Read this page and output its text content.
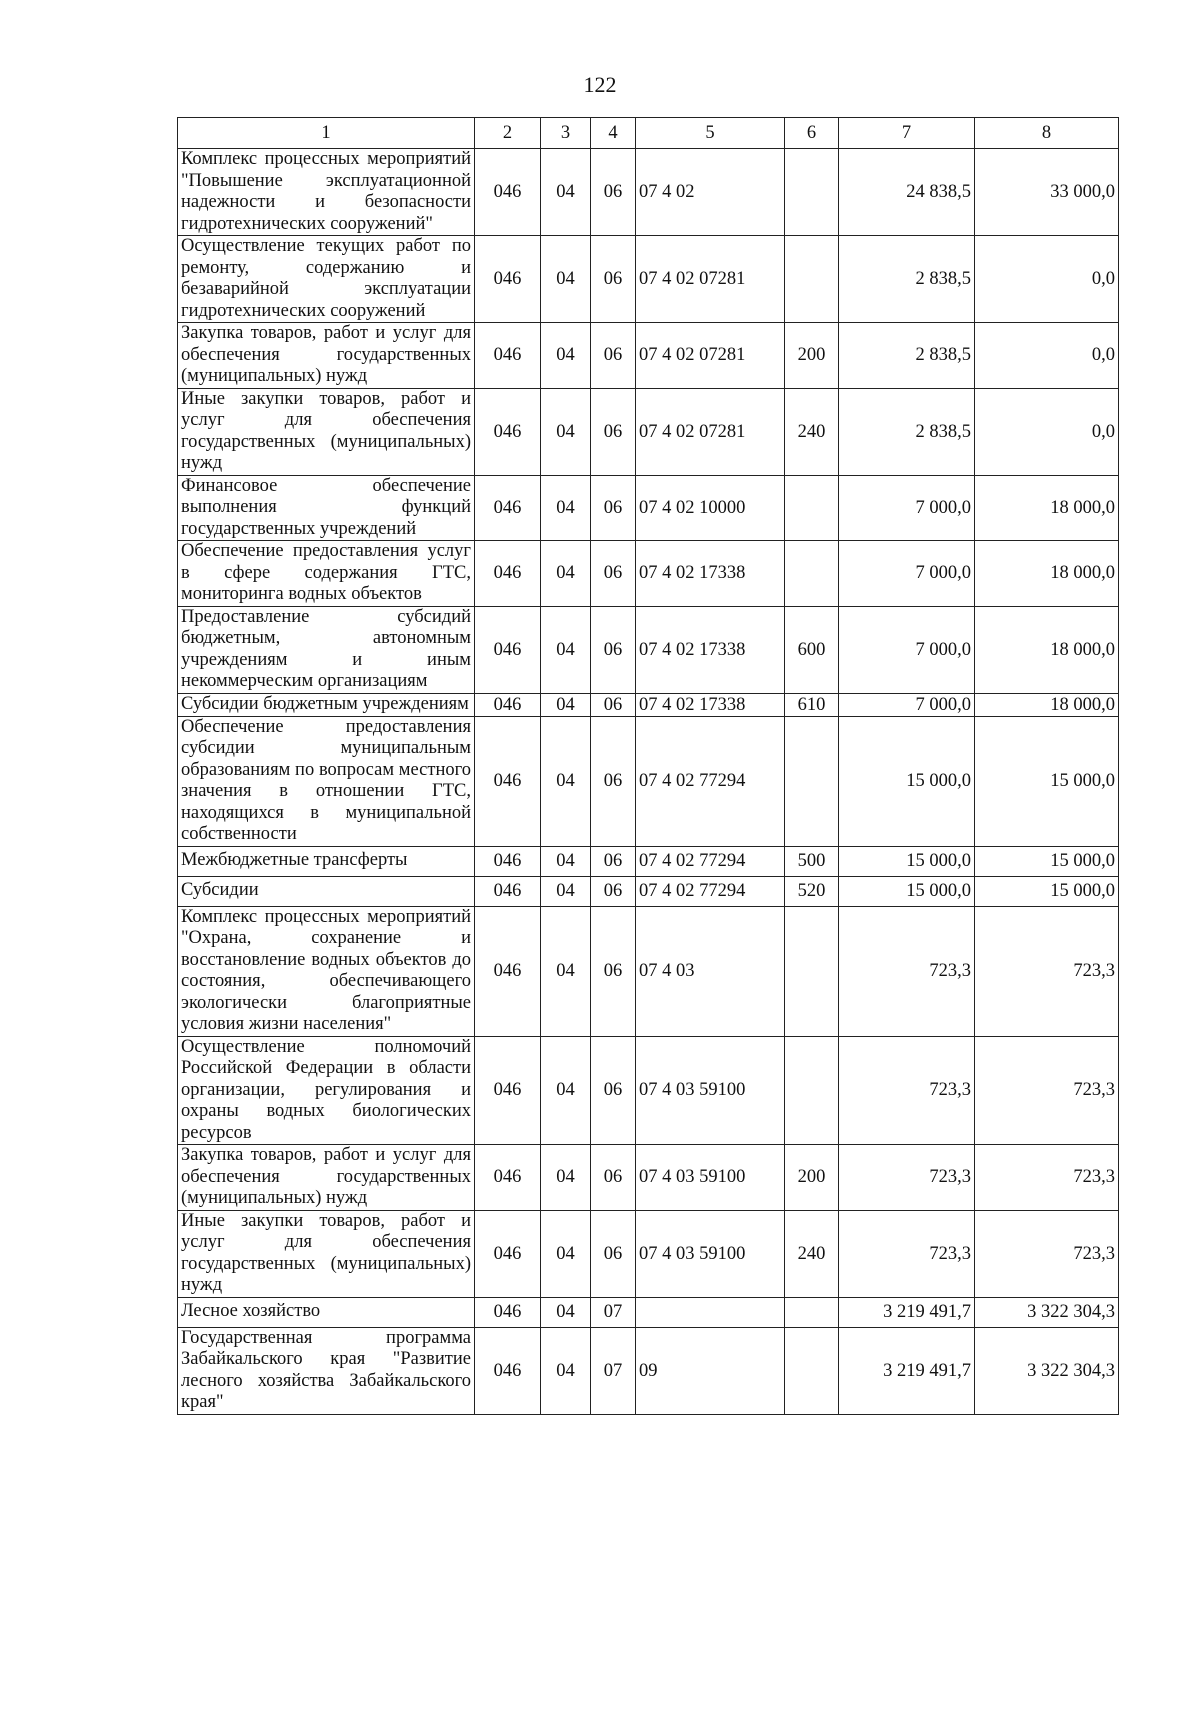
122
1	2	3	4	5	6	7	8
Комплекс процессных мероприятий "Повышение эксплуатационной надежности и безопасности гидротехнических сооружений"	046	04	06	07 4 02		24 838,5	33 000,0
Осуществление текущих работ по ремонту, содержанию и безаварийной эксплуатации гидротехнических сооружений	046	04	06	07 4 02 07281		2 838,5	0,0
Закупка товаров, работ и услуг для обеспечения государственных (муниципальных) нужд	046	04	06	07 4 02 07281	200	2 838,5	0,0
Иные закупки товаров, работ и услуг для обеспечения государственных (муниципальных) нужд	046	04	06	07 4 02 07281	240	2 838,5	0,0
Финансовое обеспечение выполнения функций государственных учреждений	046	04	06	07 4 02 10000		7 000,0	18 000,0
Обеспечение предоставления услуг в сфере содержания ГТС, мониторинга водных объектов	046	04	06	07 4 02 17338		7 000,0	18 000,0
Предоставление субсидий бюджетным, автономным учреждениям и иным некоммерческим организациям	046	04	06	07 4 02 17338	600	7 000,0	18 000,0
Субсидии бюджетным учреждениям	046	04	06	07 4 02 17338	610	7 000,0	18 000,0
Обеспечение предоставления субсидии муниципальным образованиям по вопросам местного значения в отношении ГТС, находящихся в муниципальной собственности	046	04	06	07 4 02 77294		15 000,0	15 000,0
Межбюджетные трансферты	046	04	06	07 4 02 77294	500	15 000,0	15 000,0
Субсидии	046	04	06	07 4 02 77294	520	15 000,0	15 000,0
Комплекс процессных мероприятий "Охрана, сохранение и восстановление водных объектов до состояния, обеспечивающего экологически благоприятные условия жизни населения"	046	04	06	07 4 03		723,3	723,3
Осуществление полномочий Российской Федерации в области организации, регулирования и охраны водных биологических ресурсов	046	04	06	07 4 03 59100		723,3	723,3
Закупка товаров, работ и услуг для обеспечения государственных (муниципальных) нужд	046	04	06	07 4 03 59100	200	723,3	723,3
Иные закупки товаров, работ и услуг для обеспечения государственных (муниципальных) нужд	046	04	06	07 4 03 59100	240	723,3	723,3
Лесное хозяйство	046	04	07			3 219 491,7	3 322 304,3
Государственная программа Забайкальского края "Развитие лесного хозяйства Забайкальского края"	046	04	07	09		3 219 491,7	3 322 304,3
